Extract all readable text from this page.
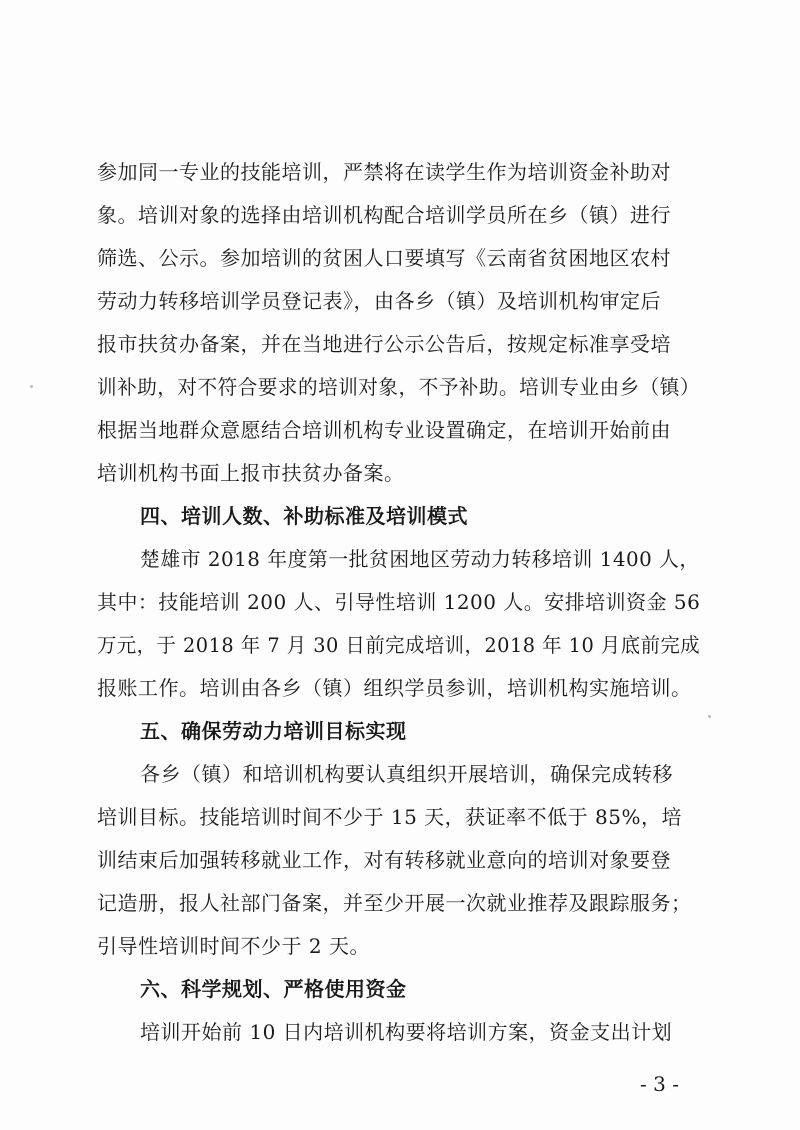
参加同一专业的技能培训，严禁将在读学生作为培训资金补助对
象。培训对象的选择由培训机构配合培训学员所在乡（镇）进行
筛选、公示。参加培训的贫困人口要填写《云南省贫困地区农村
劳动力转移培训学员登记表》，由各乡（镇）及培训机构审定后
报市扶贫办备案，并在当地进行公示公告后，按规定标准享受培
训补助，对不符合要求的培训对象，不予补助。培训专业由乡（镇）
根据当地群众意愿结合培训机构专业设置确定，在培训开始前由
培训机构书面上报市扶贫办备案。
四、培训人数、补助标准及培训模式
楚雄市 2018 年度第一批贫困地区劳动力转移培训 1400 人，
其中：技能培训 200 人、引导性培训 1200 人。安排培训资金 56
万元，于 2018 年 7 月 30 日前完成培训，2018 年 10 月底前完成
报账工作。培训由各乡（镇）组织学员参训，培训机构实施培训。
五、确保劳动力培训目标实现
各乡（镇）和培训机构要认真组织开展培训，确保完成转移
培训目标。技能培训时间不少于 15 天，获证率不低于 85%，培
训结束后加强转移就业工作，对有转移就业意向的培训对象要登
记造册，报人社部门备案，并至少开展一次就业推荐及跟踪服务；
引导性培训时间不少于 2 天。
六、科学规划、严格使用资金
培训开始前 10 日内培训机构要将培训方案，资金支出计划
- 3 -
